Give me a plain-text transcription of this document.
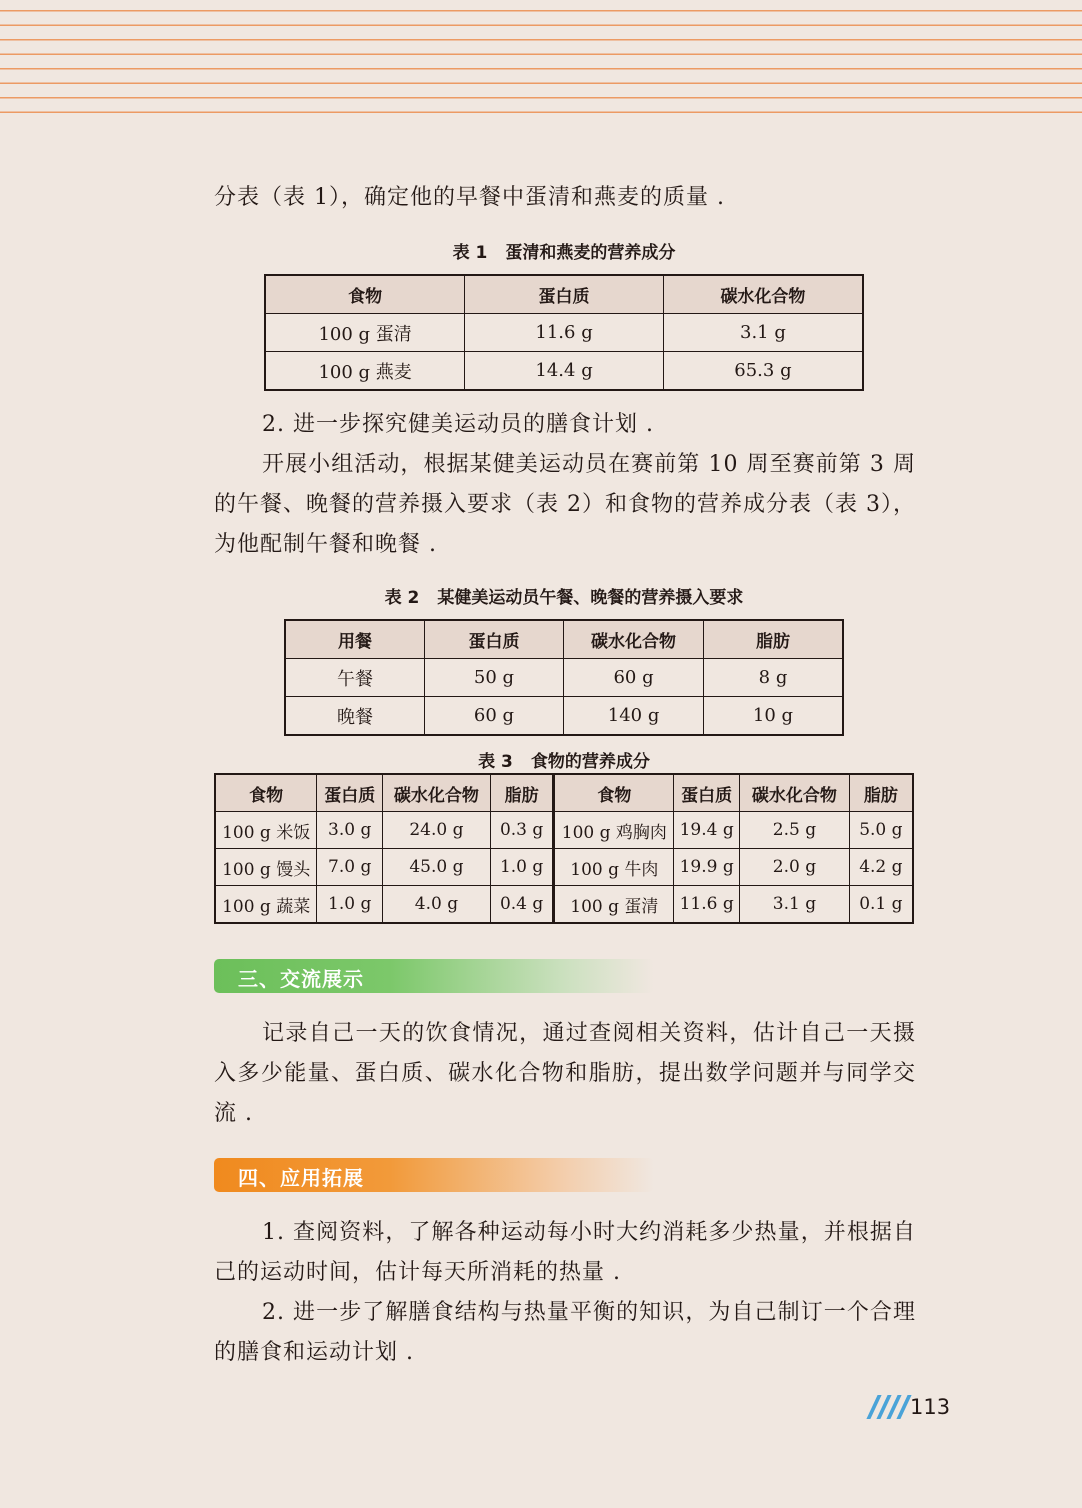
分表（表 1），确定他的早餐中蛋清和燕麦的质量 .

表 1 蛋清和燕麦的营养成分
食物	蛋白质	碳水化合物
100 g 蛋清	11.6 g	3.1 g
100 g 燕麦	14.4 g	65.3 g

2. 进一步探究健美运动员的膳食计划 .

开展小组活动，根据某健美运动员在赛前第 10 周至赛前第 3 周的午餐、晚餐的营养摄入要求（表 2）和食物的营养成分表（表 3），为他配制午餐和晚餐 .

表 2 某健美运动员午餐、晚餐的营养摄入要求
用餐	蛋白质	碳水化合物	脂肪
午餐	50 g	60 g	8 g
晚餐	60 g	140 g	10 g
表 3 食物的营养成分
食物	蛋白质	碳水化合物	脂肪	食物	蛋白质	碳水化合物	脂肪
100 g 米饭	3.0 g	24.0 g	0.3 g	100 g 鸡胸肉	19.4 g	2.5 g	5.0 g
100 g 馒头	7.0 g	45.0 g	1.0 g	100 g 牛肉	19.9 g	2.0 g	4.2 g
100 g 蔬菜	1.0 g	4.0 g	0.4 g	100 g 蛋清	11.6 g	3.1 g	0.1 g
三、交流展示

记录自己一天的饮食情况，通过查阅相关资料，估计自己一天摄入多少能量、蛋白质、碳水化合物和脂肪，提出数学问题并与同学交流 .

四、应用拓展

1. 查阅资料，了解各种运动每小时大约消耗多少热量，并根据自己的运动时间，估计每天所消耗的热量 .

2. 进一步了解膳食结构与热量平衡的知识，为自己制订一个合理的膳食和运动计划 .

113
